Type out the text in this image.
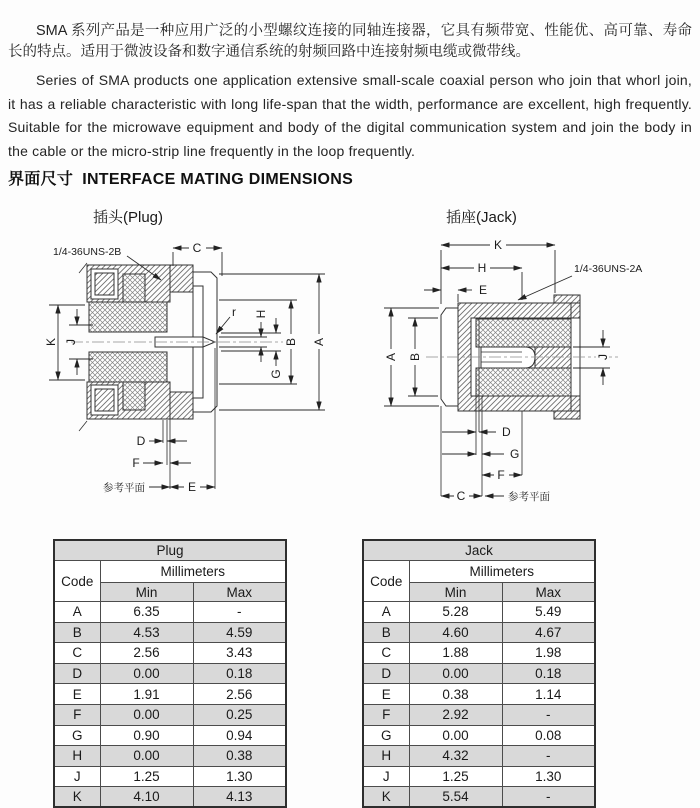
SMA 系列产品是一种应用广泛的小型螺纹连接的同轴连接器，它具有频带宽、性能优、高可靠、寿命长的特点。适用于微波设备和数字通信系统的射频回路中连接射频电缆或微带线。

Series of SMA products one application extensive small-scale coaxial person who join that whorl join, it has a reliable characteristic with long life-span that the width, performance are excellent, high frequently. Suitable for the microwave equipment and body of the digital communication system and join the body in the cable or the micro-strip line frequently in the loop frequently.

界面尺寸 INTERFACE MATING DIMENSIONS
插头(Plug)	插座(Jack)
C
1/4-36UNS-2B
K J
H
G
B A
r
D
F
E
参考平面
K
H
E
1/4-36UNS-2A
A B	J
D
G
F
C	参考平面
Plug		
Code	Millimeters	
	Min	Max
A	6.35	-
B	4.53	4.59
C	2.56	3.43
D	0.00	0.18
E	1.91	2.56
F	0.00	0.25
G	0.90	0.94
H	0.00	0.38
J	1.25	1.30
K	4.10	4.13
Jack		
Code	Millimeters	
	Min	Max
A	5.28	5.49
B	4.60	4.67
C	1.88	1.98
D	0.00	0.18
E	0.38	1.14
F	2.92	-
G	0.00	0.08
H	4.32	-
J	1.25	1.30
K	5.54	-
